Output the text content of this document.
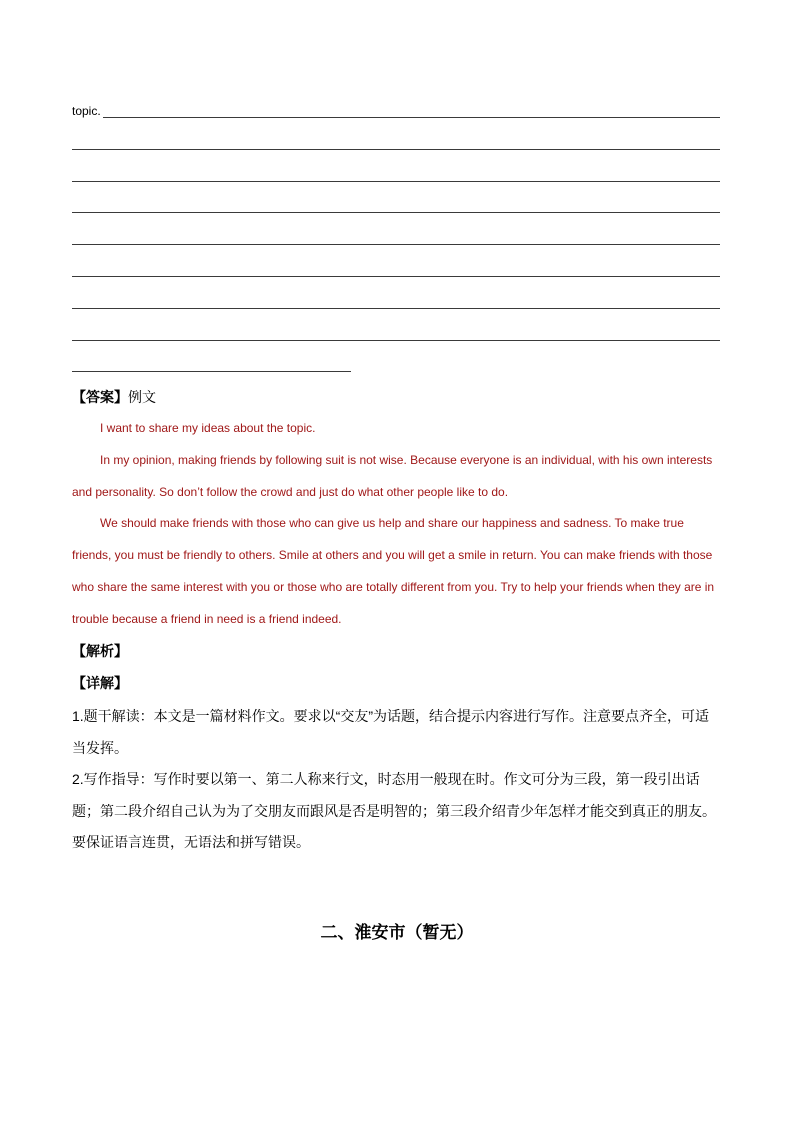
topic.
【答案】例文

I want to share my ideas about the topic.

In my opinion, making friends by following suit is not wise. Because everyone is an individual, with his own interests and personality. So don’t follow the crowd and just do what other people like to do.

We should make friends with those who can give us help and share our happiness and sadness. To make true friends, you must be friendly to others. Smile at others and you will get a smile in return. You can make friends with those who share the same interest with you or those who are totally different from you. Try to help your friends when they are in trouble because a friend in need is a friend indeed.

【解析】
【详解】

1.题干解读：本文是一篇材料作文。要求以“交友”为话题，结合提示内容进行写作。注意要点齐全，可适当发挥。

2.写作指导：写作时要以第一、第二人称来行文，时态用一般现在时。作文可分为三段，第一段引出话题；第二段介绍自己认为为了交朋友而跟风是否是明智的；第三段介绍青少年怎样才能交到真正的朋友。要保证语言连贯，无语法和拼写错误。

二、淮安市（暂无）
